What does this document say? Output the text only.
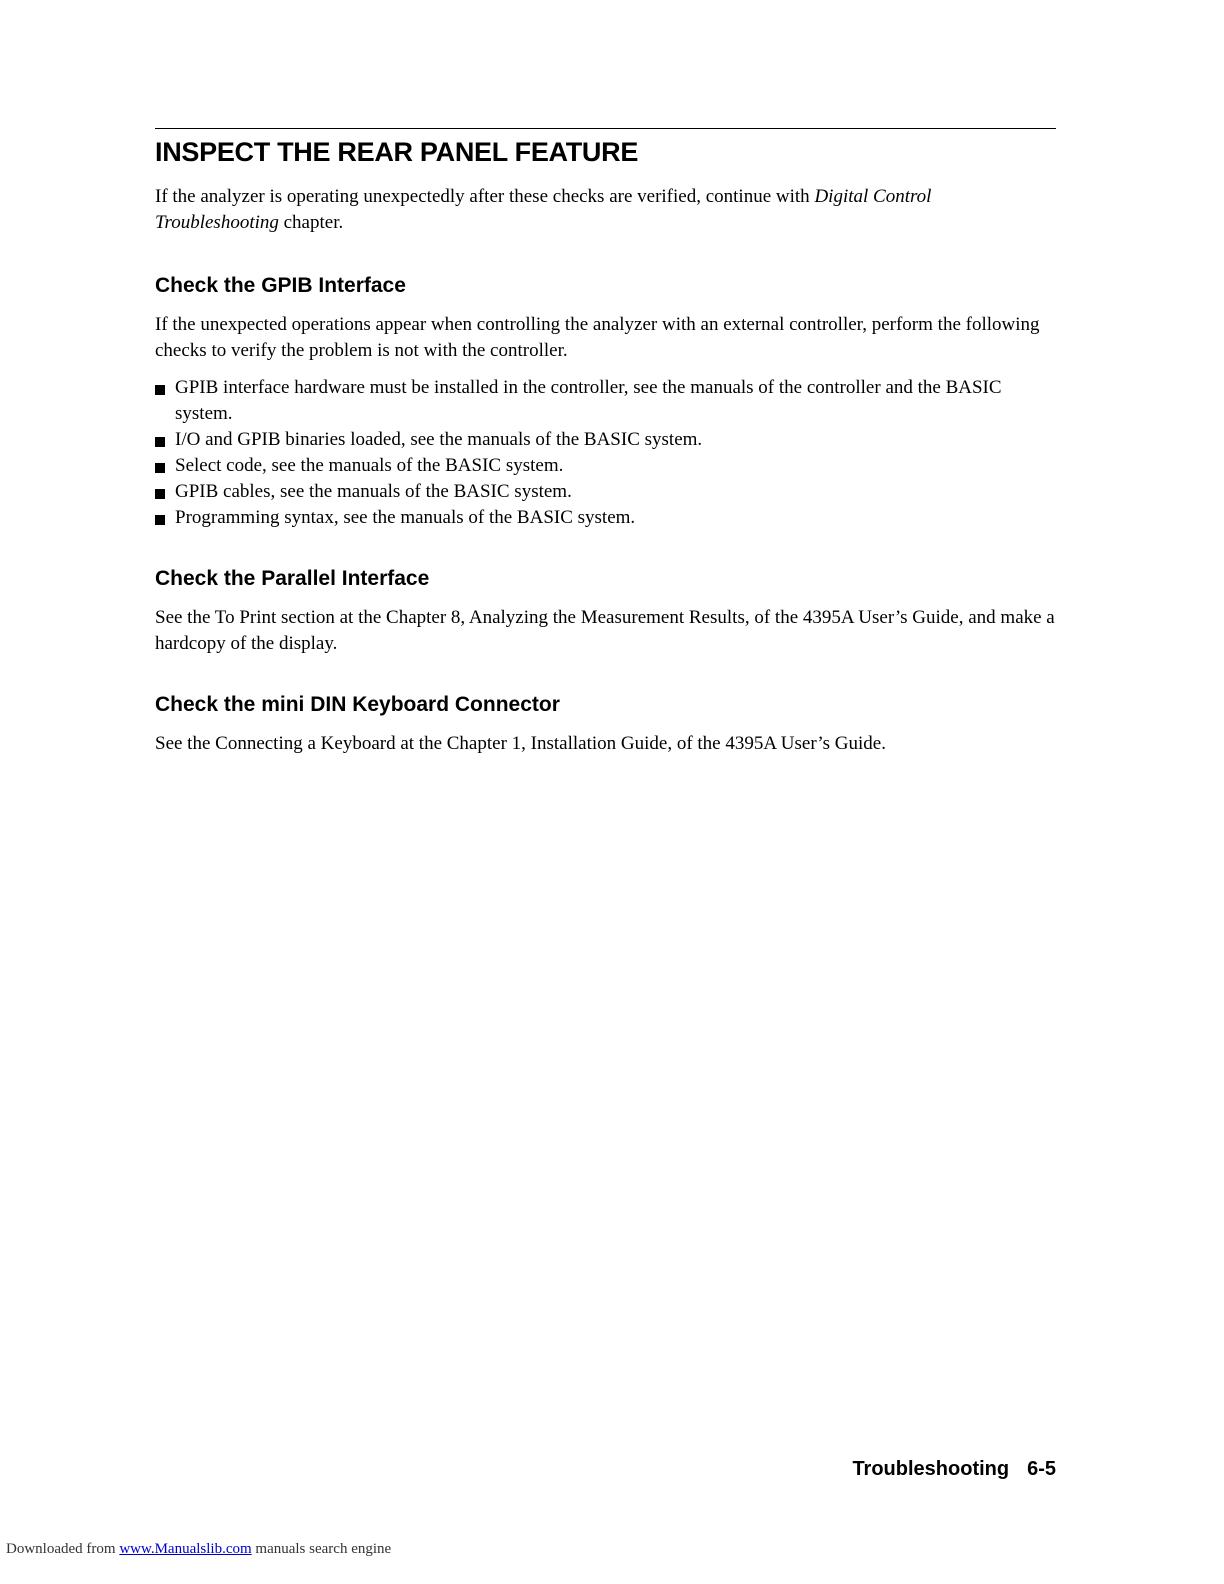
INSPECT THE REAR PANEL FEATURE

If the analyzer is operating unexpectedly after these checks are verified, continue with Digital Control Troubleshooting chapter.

Check the GPIB Interface

If the unexpected operations appear when controlling the analyzer with an external controller, perform the following checks to verify the problem is not with the controller.

GPIB interface hardware must be installed in the controller, see the manuals of the controller and the BASIC system.
I/O and GPIB binaries loaded, see the manuals of the BASIC system.
Select code, see the manuals of the BASIC system.
GPIB cables, see the manuals of the BASIC system.
Programming syntax, see the manuals of the BASIC system.
Check the Parallel Interface

See the To Print section at the Chapter 8, Analyzing the Measurement Results, of the 4395A User’s Guide, and make a hardcopy of the display.

Check the mini DIN Keyboard Connector

See the Connecting a Keyboard at the Chapter 1, Installation Guide, of the 4395A User’s Guide.

Troubleshooting 6-5
Downloaded from www.Manualslib.com manuals search engine
